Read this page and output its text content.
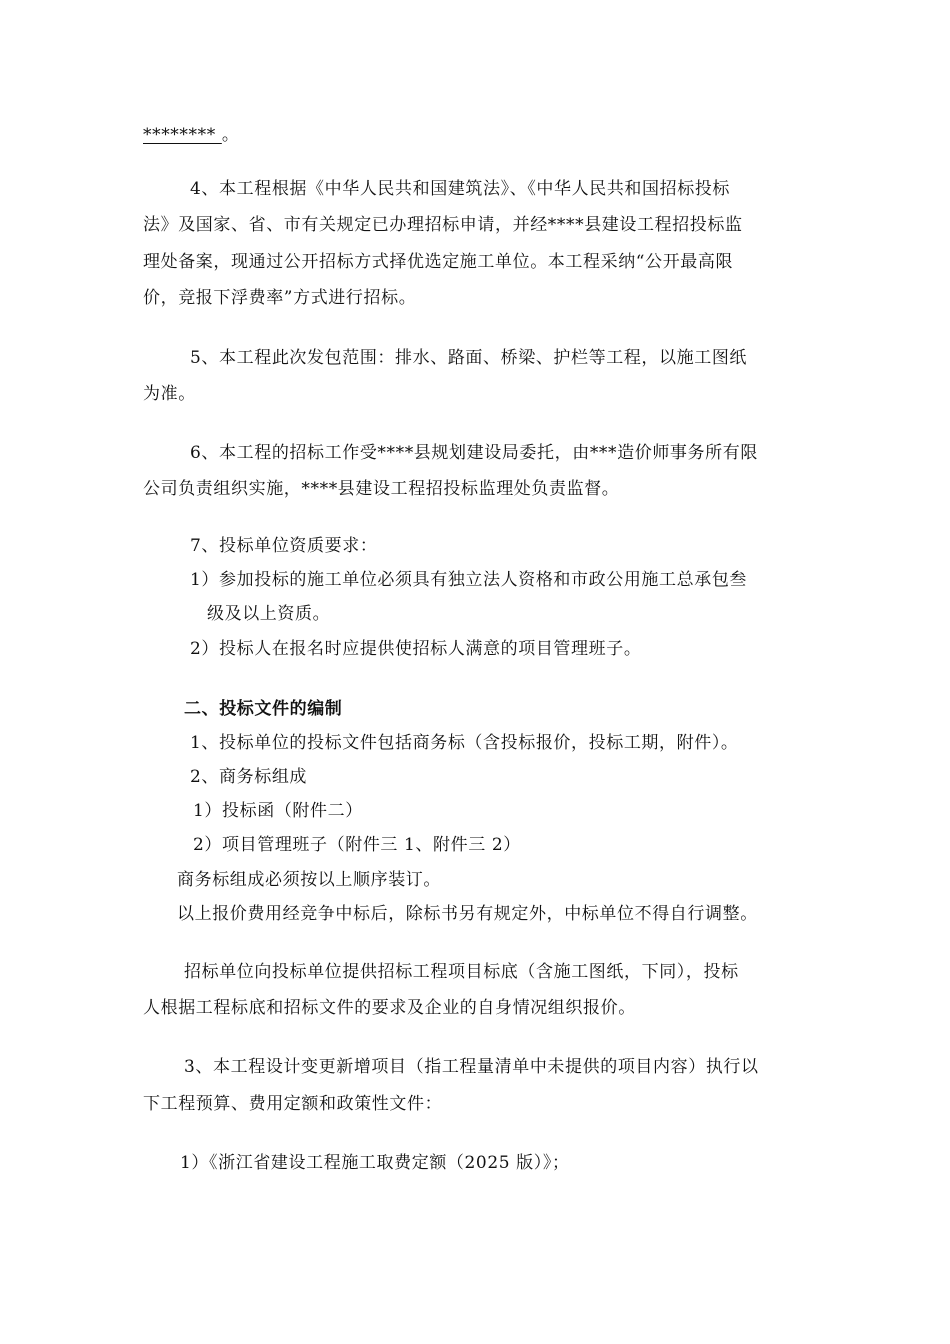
******** 。
4、本工程根据《中华人民共和国建筑法》、《中华人民共和国招标投标
法》及国家、省、市有关规定已办理招标申请，并经****县建设工程招投标监
理处备案，现通过公开招标方式择优选定施工单位。本工程采纳“公开最高限
价，竞报下浮费率”方式进行招标。
5、本工程此次发包范围：排水、路面、桥梁、护栏等工程，以施工图纸
为准。
6、本工程的招标工作受****县规划建设局委托，由***造价师事务所有限
公司负责组织实施，****县建设工程招投标监理处负责监督。
7、投标单位资质要求：
1）参加投标的施工单位必须具有独立法人资格和市政公用施工总承包叁
级及以上资质。
2）投标人在报名时应提供使招标人满意的项目管理班子。
二、投标文件的编制
1、投标单位的投标文件包括商务标（含投标报价，投标工期，附件）。
2、商务标组成
1）投标函（附件二）
2）项目管理班子（附件三 1、附件三 2）
商务标组成必须按以上顺序装订。
以上报价费用经竞争中标后，除标书另有规定外，中标单位不得自行调整。
招标单位向投标单位提供招标工程项目标底（含施工图纸，下同），投标
人根据工程标底和招标文件的要求及企业的自身情况组织报价。
3、本工程设计变更新增项目（指工程量清单中未提供的项目内容）执行以
下工程预算、费用定额和政策性文件：
1）《浙江省建设工程施工取费定额（2025 版）》；
